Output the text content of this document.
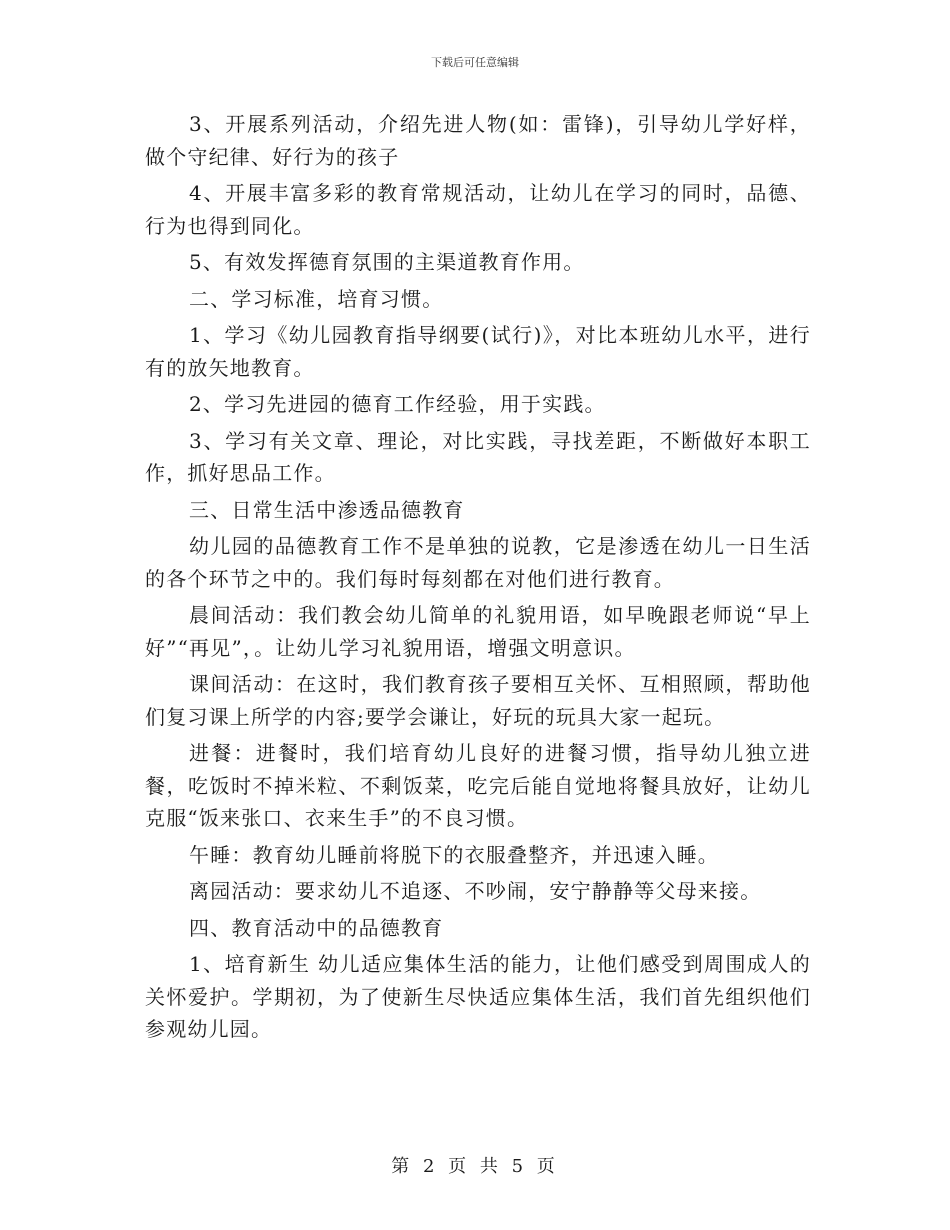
下载后可任意编辑

3、开展系列活动，介绍先进人物(如：雷锋)，引导幼儿学好样，做个守纪律、好行为的孩子

4、开展丰富多彩的教育常规活动，让幼儿在学习的同时，品德、行为也得到同化。

5、有效发挥德育氛围的主渠道教育作用。

二、学习标准，培育习惯。

1、学习《幼儿园教育指导纲要(试行)》，对比本班幼儿水平，进行有的放矢地教育。

2、学习先进园的德育工作经验，用于实践。

3、学习有关文章、理论，对比实践，寻找差距，不断做好本职工作，抓好思品工作。

三、日常生活中渗透品德教育

幼儿园的品德教育工作不是单独的说教，它是渗透在幼儿一日生活的各个环节之中的。我们每时每刻都在对他们进行教育。

晨间活动：我们教会幼儿简单的礼貌用语，如早晚跟老师说“早上好”“再见”，。让幼儿学习礼貌用语，增强文明意识。

课间活动：在这时，我们教育孩子要相互关怀、互相照顾，帮助他们复习课上所学的内容;要学会谦让，好玩的玩具大家一起玩。

进餐：进餐时，我们培育幼儿良好的进餐习惯，指导幼儿独立进餐，吃饭时不掉米粒、不剩饭菜，吃完后能自觉地将餐具放好，让幼儿克服“饭来张口、衣来生手”的不良习惯。

午睡：教育幼儿睡前将脱下的衣服叠整齐，并迅速入睡。

离园活动：要求幼儿不追逐、不吵闹，安宁静静等父母来接。

四、教育活动中的品德教育

1、培育新生 幼儿适应集体生活的能力，让他们感受到周围成人的关怀爱护。学期初，为了使新生尽快适应集体生活，我们首先组织他们参观幼儿园。

第 2 页 共 5 页
